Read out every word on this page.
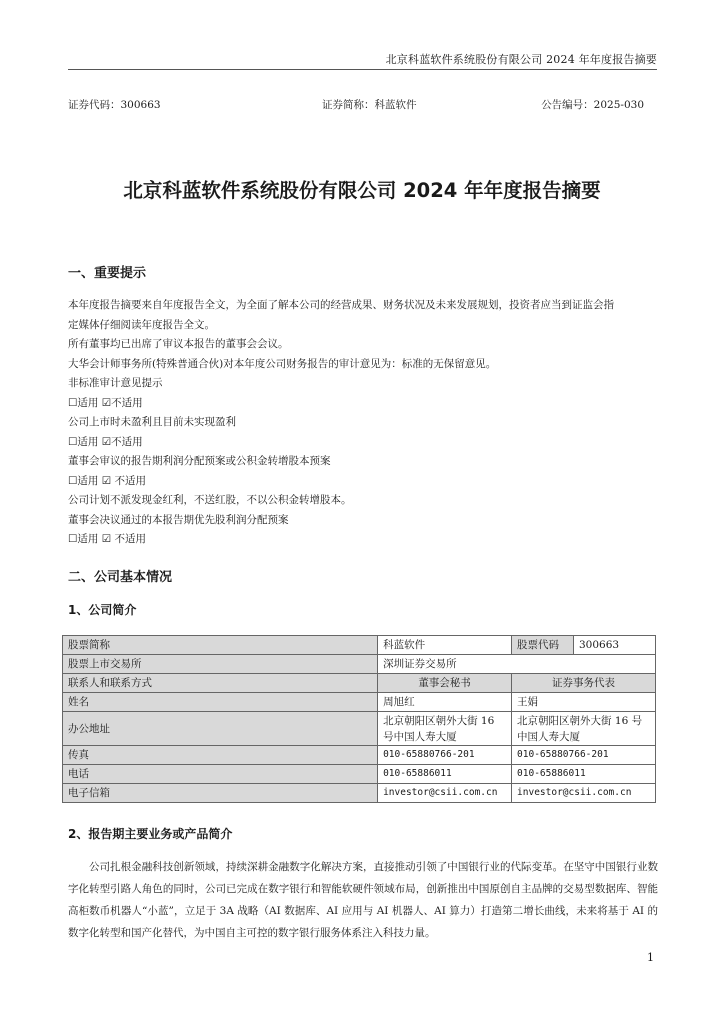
北京科蓝软件系统股份有限公司 2024 年年度报告摘要
证券代码：300663	证券简称：科蓝软件	公告编号：2025-030
北京科蓝软件系统股份有限公司 2024 年年度报告摘要
一、重要提示

本年度报告摘要来自年度报告全文，为全面了解本公司的经营成果、财务状况及未来发展规划，投资者应当到证监会指

定媒体仔细阅读年度报告全文。

所有董事均已出席了审议本报告的董事会会议。

大华会计师事务所(特殊普通合伙)对本年度公司财务报告的审计意见为：标准的无保留意见。

非标准审计意见提示

☐适用 ☑不适用

公司上市时未盈利且目前未实现盈利

☐适用 ☑不适用

董事会审议的报告期利润分配预案或公积金转增股本预案

☐适用 ☑ 不适用

公司计划不派发现金红利，不送红股，不以公积金转增股本。

董事会决议通过的本报告期优先股利润分配预案

☐适用 ☑ 不适用

二、公司基本情况
1、公司简介
股票简称	科蓝软件	股票代码	300663
股票上市交易所	深圳证券交易所		
联系人和联系方式	董事会秘书	证券事务代表	
姓名	周旭红	王娟	
办公地址	北京朝阳区朝外大街 16 号中国人寿大厦	北京朝阳区朝外大街 16 号中国人寿大厦	
传真	010-65880766-201	010-65880766-201	
电话	010-65886011	010-65886011	
电子信箱	investor@csii.com.cn	investor@csii.com.cn	
2、报告期主要业务或产品简介
公司扎根金融科技创新领域，持续深耕金融数字化解决方案，直接推动引领了中国银行业的代际变革。在坚守中国银行业数字化转型引路人角色的同时，公司已完成在数字银行和智能软硬件领域布局，创新推出中国原创自主品牌的交易型数据库、智能高柜数币机器人“小蓝”，立足于 3A 战略（AI 数据库、AI 应用与 AI 机器人、AI 算力）打造第二增长曲线，未来将基于 AI 的数字化转型和国产化替代，为中国自主可控的数字银行服务体系注入科技力量。
1
